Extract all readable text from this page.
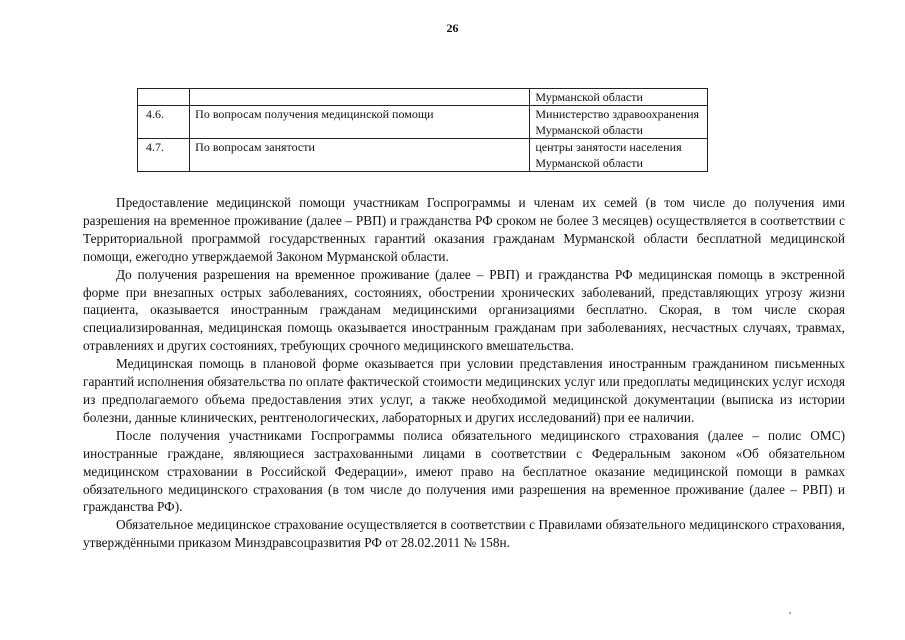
26
		Мурманской области
4.6.	По вопросам получения медицинской помощи	Министерство здравоохранения Мурманской области
4.7.	По вопросам занятости	центры занятости населения Мурманской области

Предоставление медицинской помощи участникам Госпрограммы и членам их семей (в том числе до получения ими разрешения на временное проживание (далее – РВП) и гражданства РФ сроком не более 3 месяцев) осуществляется в соответствии с Территориальной программой государственных гарантий оказания гражданам Мурманской области бесплатной медицинской помощи, ежегодно утверждаемой Законом Мурманской области.

До получения разрешения на временное проживание (далее – РВП) и гражданства РФ медицинская помощь в экстренной форме при внезапных острых заболеваниях, состояниях, обострении хронических заболеваний, представляющих угрозу жизни пациента, оказывается иностранным гражданам медицинскими организациями бесплатно. Скорая, в том числе скорая специализированная, медицинская помощь оказывается иностранным гражданам при заболеваниях, несчастных случаях, травмах, отравлениях и других состояниях, требующих срочного медицинского вмешательства.

Медицинская помощь в плановой форме оказывается при условии представления иностранным гражданином письменных гарантий исполнения обязательства по оплате фактической стоимости медицинских услуг или предоплаты медицинских услуг исходя из предполагаемого объема предоставления этих услуг, а также необходимой медицинской документации (выписка из истории болезни, данные клинических, рентгенологических, лабораторных и других исследований) при ее наличии.

После получения участниками Госпрограммы полиса обязательного медицинского страхования (далее – полис ОМС) иностранные граждане, являющиеся застрахованными лицами в соответствии с Федеральным законом «Об обязательном медицинском страховании в Российской Федерации», имеют право на бесплатное оказание медицинской помощи в рамках обязательного медицинского страхования (в том числе до получения ими разрешения на временное проживание (далее – РВП) и гражданства РФ).

Обязательное медицинское страхование осуществляется в соответствии с Правилами обязательного медицинского страхования, утверждёнными приказом Минздравсоцразвития РФ от 28.02.2011 № 158н.
